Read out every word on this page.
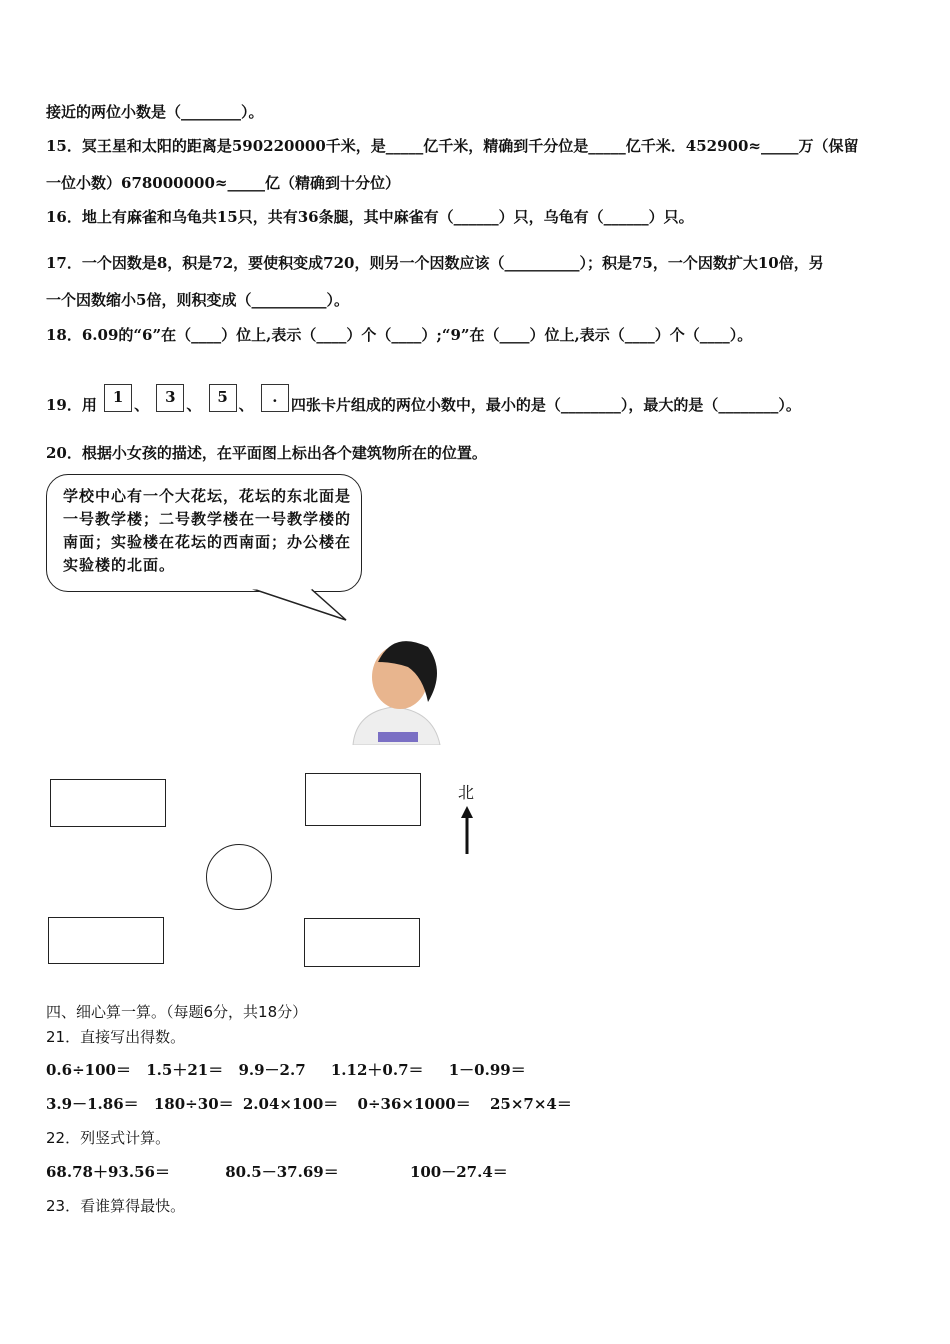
接近的两位小数是（________）。
15．冥王星和太阳的距离是590220000千米，是_____亿千米，精确到千分位是_____亿千米．452900≈_____万（保留
一位小数）678000000≈_____亿（精确到十分位）
16．地上有麻雀和乌龟共15只，共有36条腿，其中麻雀有（______）只，乌龟有（______）只。
17．一个因数是8，积是72，要使积变成720，则另一个因数应该（__________）；积是75，一个因数扩大10倍，另
一个因数缩小5倍，则积变成（__________）。
18．6.09的“6”在（____）位上,表示（____）个（____）;“9”在（____）位上,表示（____）个（____）。
19．用 1 、 3 、 5 、 . 四张卡片组成的两位小数中，最小的是（________），最大的是（________）。
20．根据小女孩的描述，在平面图上标出各个建筑物所在的位置。
学校中心有一个大花坛，花坛的东北面是一号教学楼；二号教学楼在一号教学楼的南面；实验楼在花坛的西南面；办公楼在实验楼的北面。
北
四、细心算一算。（每题6分，共18分）
21．直接写出得数。
0.6÷100＝ 1.5＋21＝ 9.9－2.7 1.12＋0.7＝ 1－0.99＝
3.9－1.86＝ 180÷30＝ 2.04×100＝ 0÷36×1000＝ 25×7×4＝
22．列竖式计算。
68.78＋93.56＝	80.5－37.69＝	100－27.4＝
23．看谁算得最快。
